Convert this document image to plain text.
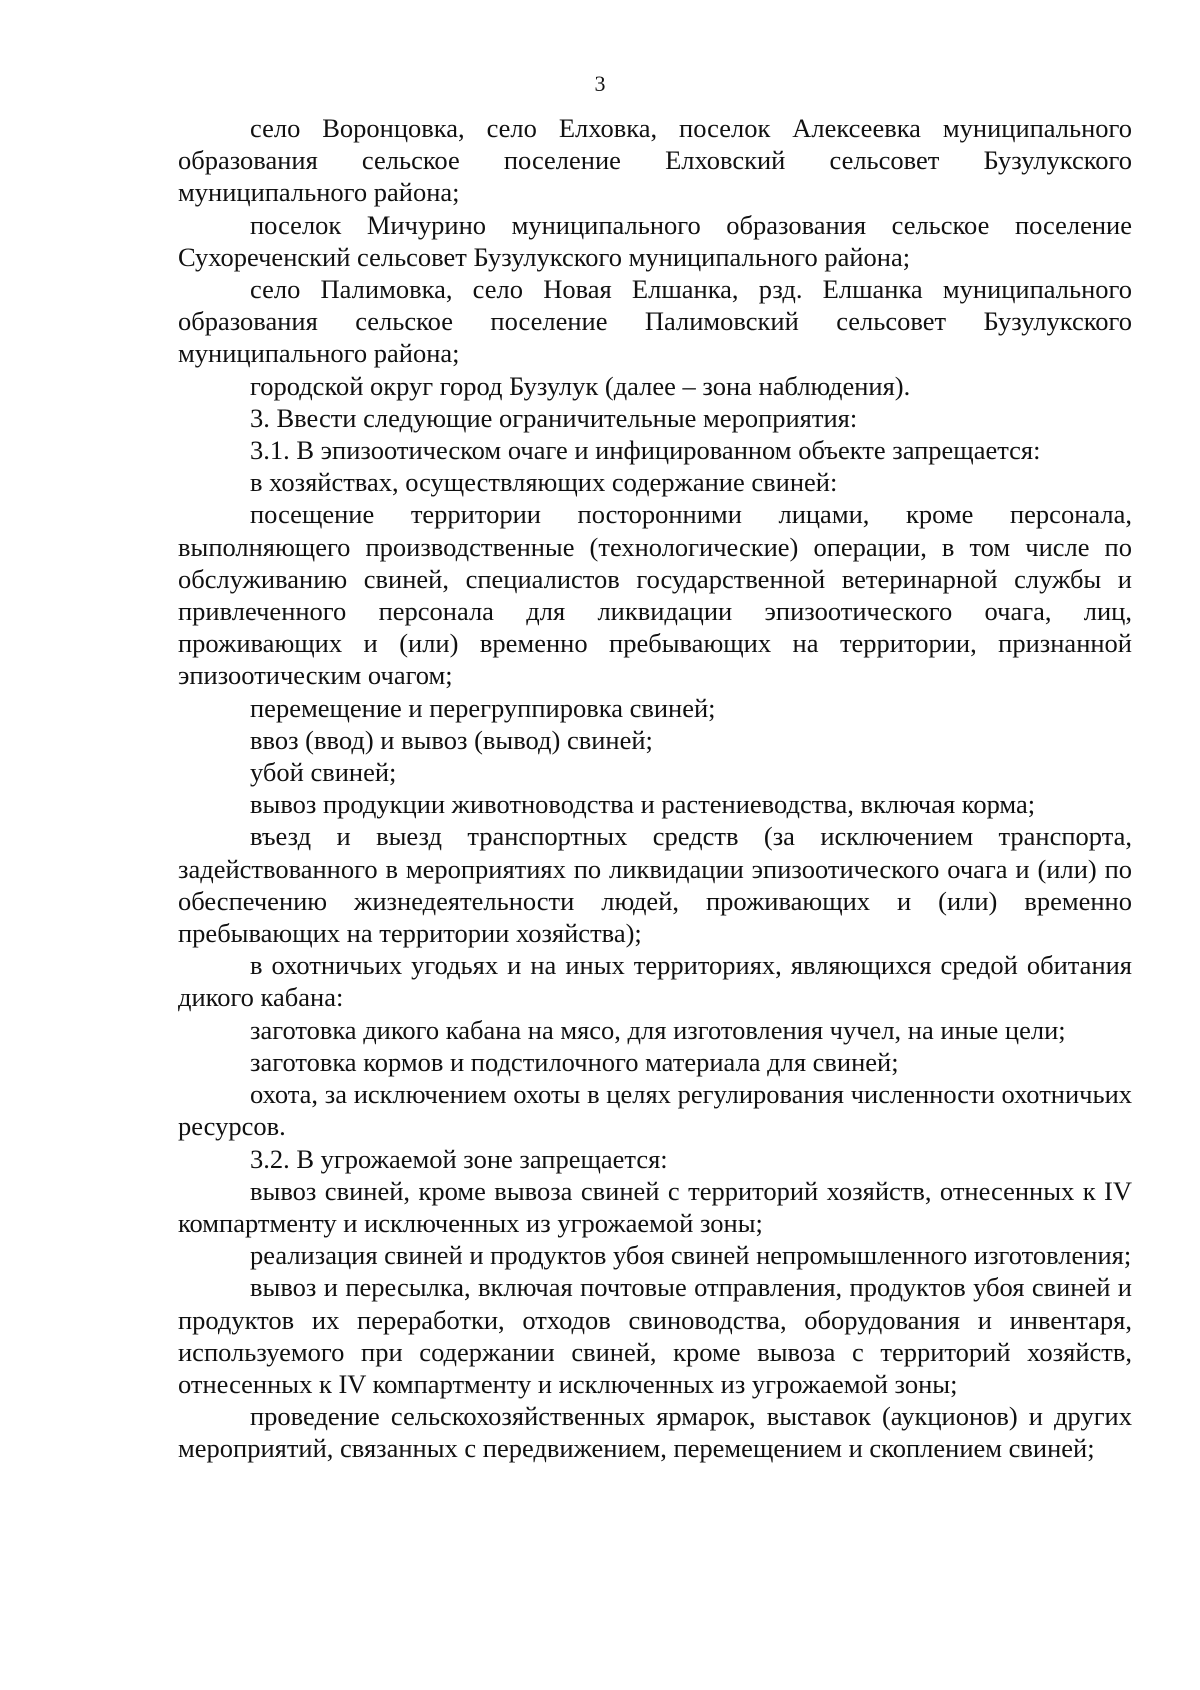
3

село Воронцовка, село Елховка, поселок Алексеевка муниципального образования сельское поселение Елховский сельсовет Бузулукского муниципального района;

поселок Мичурино муниципального образования сельское поселение Сухореченский сельсовет Бузулукского муниципального района;

село Палимовка, село Новая Елшанка, рзд. Елшанка муниципального образования сельское поселение Палимовский сельсовет Бузулукского муниципального района;

городской округ город Бузулук (далее – зона наблюдения).

3. Ввести следующие ограничительные мероприятия:

3.1. В эпизоотическом очаге и инфицированном объекте запрещается:

в хозяйствах, осуществляющих содержание свиней:

посещение территории посторонними лицами, кроме персонала, выполняющего производственные (технологические) операции, в том числе по обслуживанию свиней, специалистов государственной ветеринарной службы и привлеченного персонала для ликвидации эпизоотического очага, лиц, проживающих и (или) временно пребывающих на территории, признанной эпизоотическим очагом;

перемещение и перегруппировка свиней;

ввоз (ввод) и вывоз (вывод) свиней;

убой свиней;

вывоз продукции животноводства и растениеводства, включая корма;

въезд и выезд транспортных средств (за исключением транспорта, задействованного в мероприятиях по ликвидации эпизоотического очага и (или) по обеспечению жизнедеятельности людей, проживающих и (или) временно пребывающих на территории хозяйства);

в охотничьих угодьях и на иных территориях, являющихся средой обитания дикого кабана:

заготовка дикого кабана на мясо, для изготовления чучел, на иные цели;

заготовка кормов и подстилочного материала для свиней;

охота, за исключением охоты в целях регулирования численности охотничьих ресурсов.

3.2. В угрожаемой зоне запрещается:

вывоз свиней, кроме вывоза свиней с территорий хозяйств, отнесенных к IV компартменту и исключенных из угрожаемой зоны;

реализация свиней и продуктов убоя свиней непромышленного изготовления;

вывоз и пересылка, включая почтовые отправления, продуктов убоя свиней и продуктов их переработки, отходов свиноводства, оборудования и инвентаря, используемого при содержании свиней, кроме вывоза с территорий хозяйств, отнесенных к IV компартменту и исключенных из угрожаемой зоны;

проведение сельскохозяйственных ярмарок, выставок (аукционов) и других мероприятий, связанных с передвижением, перемещением и скоплением свиней;
